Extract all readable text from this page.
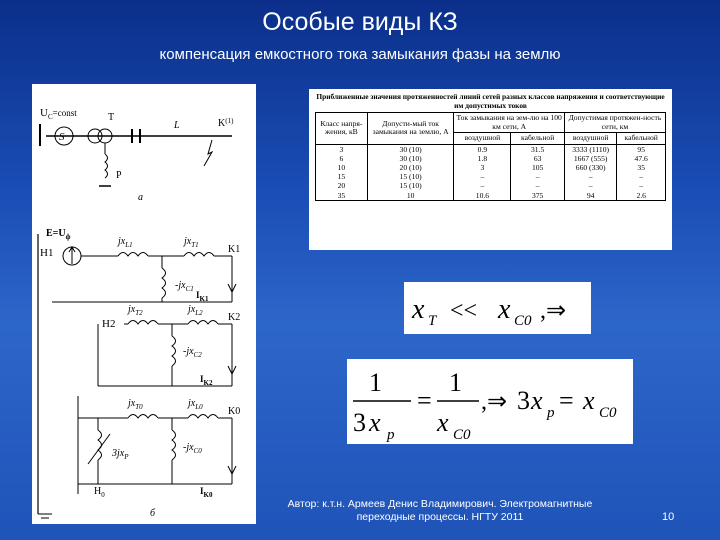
Особые виды КЗ
компенсация емкостного тока замыкания фазы на землю
$U_C^{=const}$
S
T
L	$K^{(1)}$
P
а
$E=U_ф$
H1
$jx_{L1}$	$jx_{T1}$	K1
$-jx_{C1}$
$I_{K1}$
H2
$jx_{T2}$	$jx_{L2}$	K2
$-jx_{C2}$
$I_{K2}$
$jx_{T0}$	$jx_{L0}$	K0
$3jx_P$
$-jx_{C0}$
$I_{K0}$
$H_0$
б
Приближенные значения протяженностей линий сетей разных классов напряжения и соответствующие им допустимых токов
Класс напря-жения, кВ	Допусти-мый ток замыкания на землю, А	Ток замыкания на зем-лю на 100 км сети, А		Допустимая протяжен-ность сети, км	
		воздушной	кабельной	воздушной	кабельной
3	30 (10)	0.9	31.5	3333 (1110)	95
6	30 (10)	1.8	63	1667 (555)	47.6
10	20 (10)	3	105	660 (330)	35
15	15 (10)	–	–	–	–
20	15 (10)	–	–	–	–
35	10	10.6	375	94	2.6
x T << x C0 ,⇒
1
3 x p
=
1
x C0
,⇒ 3 x p = x C0
Автор: к.т.н. Армеев Денис Владимирович. Электромагнитные переходные процессы. НГТУ 2011	10
